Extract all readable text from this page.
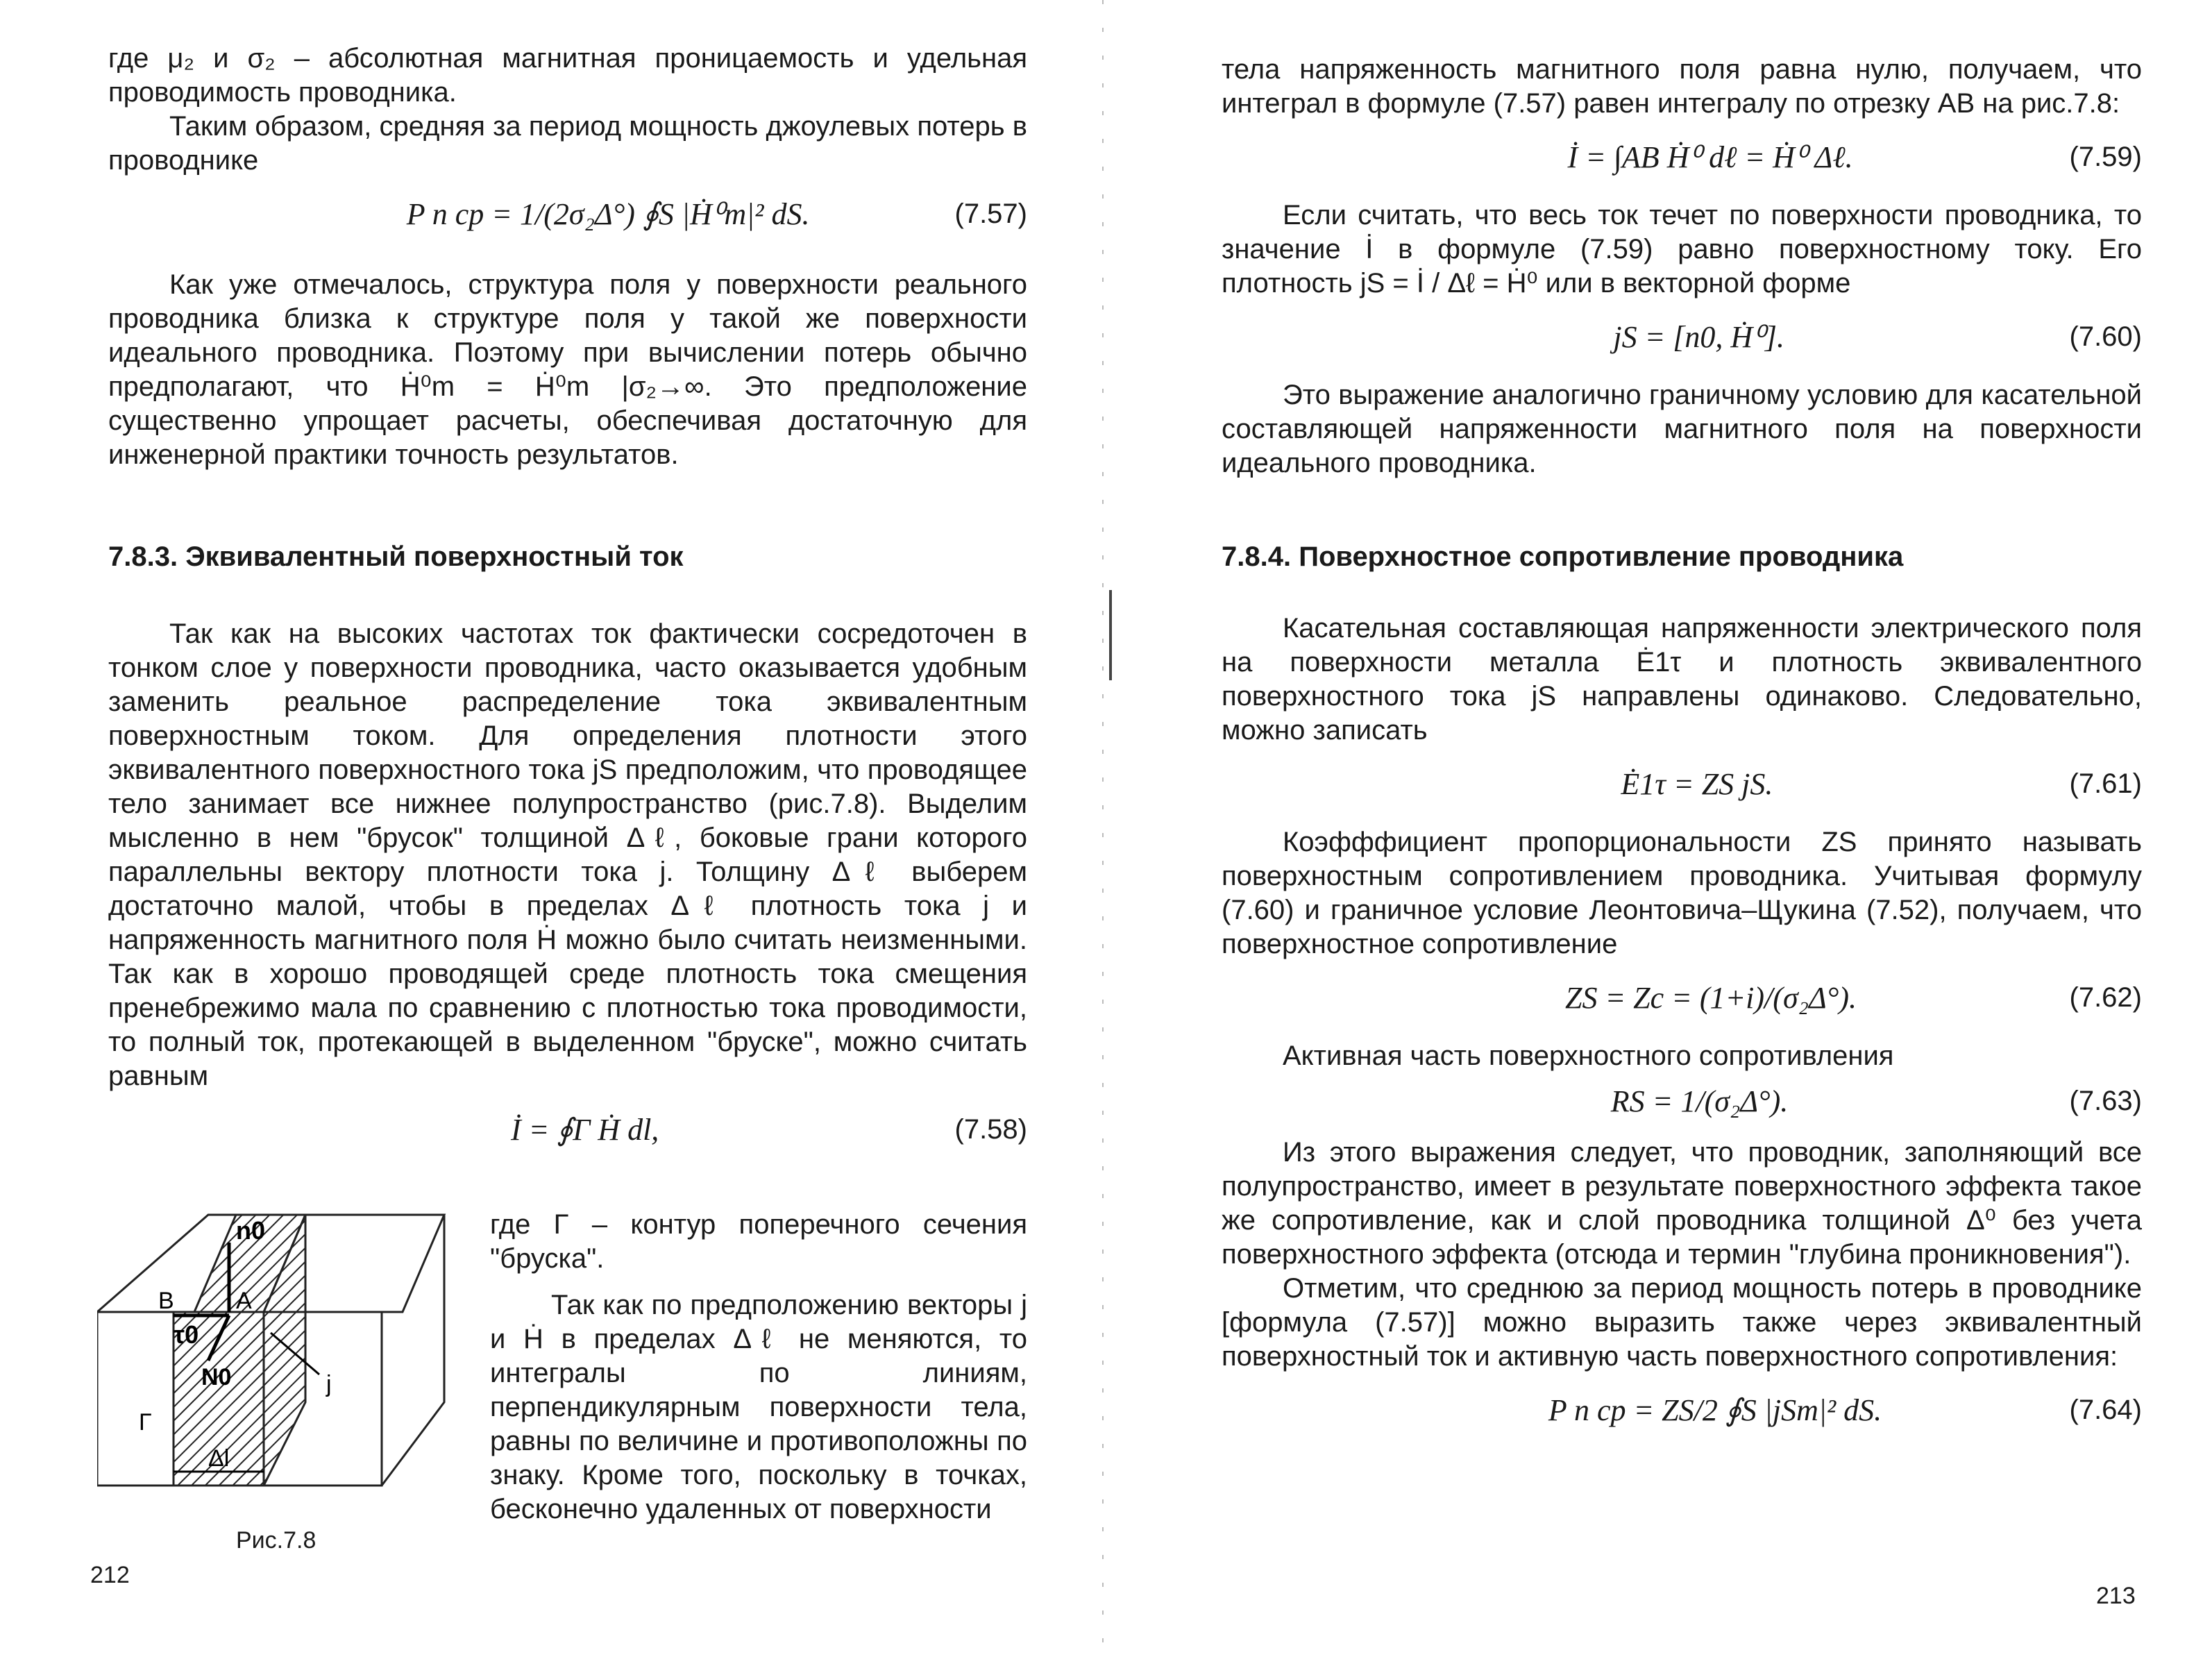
где μ₂ и σ₂ – абсолютная магнитная проницаемость и удельная проводимость проводника.

Таким образом, средняя за период мощность джоулевых потерь в проводнике

P п ср = 1/(2σ₂Δ°) ∮S |Ḣ⁰m|² dS.	(7.57)

Как уже отмечалось, структура поля у поверхности реального проводника близка к структуре поля у такой же поверхности идеального проводника. Поэтому при вычислении потерь обычно предполагают, что Ḣ⁰m = Ḣ⁰m |σ₂→∞. Это предположение существенно упрощает расчеты, обеспечивая достаточную для инженерной практики точность результатов.

7.8.3. Эквивалентный поверхностный ток

Так как на высоких частотах ток фактически сосредоточен в тонком слое у поверхности проводника, часто оказывается удобным заменить реальное распределение тока эквивалентным поверхностным током. Для определения плотности этого эквивалентного поверхностного тока jS предположим, что проводящее тело занимает все нижнее полупространство (рис.7.8). Выделим мысленно в нем "брусок" толщиной Δℓ, боковые грани которого параллельны вектору плотности тока j. Толщину Δℓ выберем достаточно малой, чтобы в пределах Δℓ плотность тока j и напряженность магнитного поля Ḣ можно было считать неизменными. Так как в хорошо проводящей среде плотность тока смещения пренебрежимо мала по сравнению с плотностью тока проводимости, то полный ток, протекающей в выделенном "бруске", можно считать равным

İ = ∮Γ Ḣ dl,	(7.58)
n0
B	A
τ0
N0	j
Γ
Δl
Рис.7.8

где Γ – контур поперечного сечения "бруска".

Так как по предположению векторы j и Ḣ в пределах Δℓ не меняются, то интегралы по линиям, перпендикулярным поверхности тела, равны по величине и противоположны по знаку. Кроме того, поскольку в точках, бесконечно удаленных от поверхности

212

тела напряженность магнитного поля равна нулю, получаем, что интеграл в формуле (7.57) равен интегралу по отрезку AB на рис.7.8:

İ = ∫AB Ḣ⁰ dℓ = Ḣ⁰ Δℓ.	(7.59)

Если считать, что весь ток течет по поверхности проводника, то значение İ в формуле (7.59) равно поверхностному току. Его плотность jS = İ / Δℓ = Ḣ⁰ или в векторной форме

jS = [n0, Ḣ⁰].	(7.60)

Это выражение аналогично граничному условию для касательной составляющей напряженности магнитного поля на поверхности идеального проводника.

7.8.4. Поверхностное сопротивление проводника

Касательная составляющая напряженности электрического поля на поверхности металла Ė1τ и плотность эквивалентного поверхностного тока jS направлены одинаково. Следовательно, можно записать

Ė1τ = ZS jS.	(7.61)

Коэфффициент пропорциональности ZS принято называть поверхностным сопротивлением проводника. Учитывая формулу (7.60) и граничное условие Леонтовича–Щукина (7.52), получаем, что поверхностное сопротивление

ZS = Zc = (1+i)/(σ₂Δ°).	(7.62)

Активная часть поверхностного сопротивления

RS = 1/(σ₂Δ°).	(7.63)

Из этого выражения следует, что проводник, заполняющий все полупространство, имеет в результате поверхностного эффекта такое же сопротивление, как и слой проводника толщиной Δ⁰ без учета поверхностного эффекта (отсюда и термин "глубина проникновения").

Отметим, что среднюю за период мощность потерь в проводнике [формула (7.57)] можно выразить также через эквивалентный поверхностный ток и активную часть поверхностного сопротивления:

P п ср = ZS/2 ∮S |jSm|² dS.	(7.64)
213
